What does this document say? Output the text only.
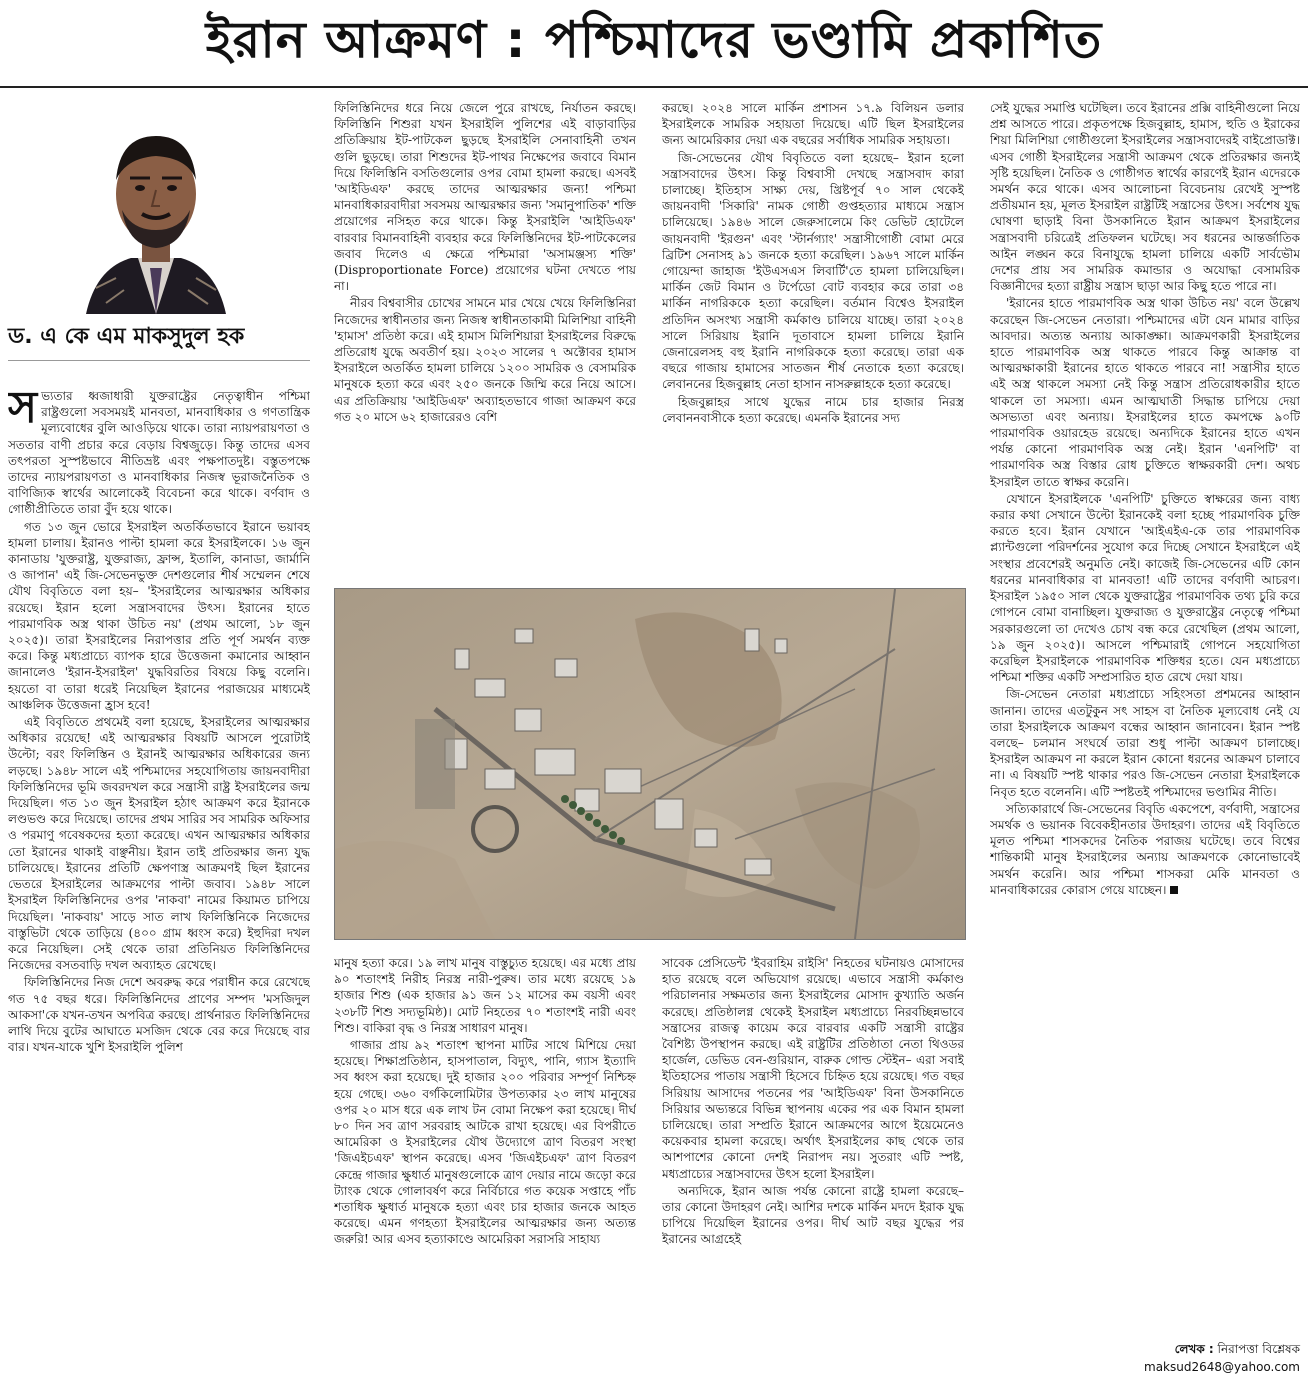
ইরান আক্রমণ : পশ্চিমাদের ভণ্ডামি প্রকাশিত
ড. এ কে এম মাকসুদুল হক

সভ্যতার ধ্বজাধারী যুক্তরাষ্ট্রের নেতৃত্বাধীন পশ্চিমা রাষ্ট্রগুলো সবসময়ই মানবতা, মানবাধিকার ও গণতান্ত্রিক মূল্যবোধের বুলি আওড়িয়ে থাকে। তারা ন্যায়পরায়ণতা ও সততার বাণী প্রচার করে বেড়ায় বিশ্বজুড়ে। কিন্তু তাদের এসব তৎপরতা সুস্পষ্টভাবে নীতিভ্রষ্ট এবং পক্ষপাতদুষ্ট। বস্তুতপক্ষে তাদের ন্যায়পরায়ণতা ও মানবাধিকার নিজস্ব ভূরাজনৈতিক ও বাণিজ্যিক স্বার্থের আলোকেই বিবেচনা করে থাকে। বর্ণবাদ ও গোষ্ঠীপ্রীতিতে তারা বুঁদ হয়ে থাকে।

গত ১৩ জুন ভোরে ইসরাইল অতর্কিতভাবে ইরানে ভয়াবহ হামলা চালায়। ইরানও পাল্টা হামলা করে ইসরাইলকে। ১৬ জুন কানাডায় 'যুক্তরাষ্ট্র, যুক্তরাজ্য, ফ্রান্স, ইতালি, কানাডা, জার্মানি ও জাপান' এই জি-সেভেনভুক্ত দেশগুলোর শীর্ষ সম্মেলন শেষে যৌথ বিবৃতিতে বলা হয়– 'ইসরাইলের আত্মরক্ষার অধিকার রয়েছে। ইরান হলো সন্ত্রাসবাদের উৎস। ইরানের হাতে পারমাণবিক অস্ত্র থাকা উচিত নয়' (প্রথম আলো, ১৮ জুন ২০২৫)। তারা ইসরাইলের নিরাপত্তার প্রতি পূর্ণ সমর্থন ব্যক্ত করে। কিন্তু মধ্যপ্রাচ্যে ব্যাপক হারে উত্তেজনা কমানোর আহ্বান জানালেও 'ইরান-ইসরাইল' যুদ্ধবিরতির বিষয়ে কিছু বলেনি। হয়তো বা তারা ধরেই নিয়েছিল ইরানের পরাজয়ের মাধ্যমেই আঞ্চলিক উত্তেজনা হ্রাস হবে!

এই বিবৃতিতে প্রথমেই বলা হয়েছে, ইসরাইলের আত্মরক্ষার অধিকার রয়েছে! এই আত্মরক্ষার বিষয়টি আসলে পুরোটাই উল্টো; বরং ফিলিস্তিন ও ইরানই আত্মরক্ষার অধিকারের জন্য লড়ছে। ১৯৪৮ সালে এই পশ্চিমাদের সহযোগিতায় জায়নবাদীরা ফিলিস্তিনিদের ভূমি জবরদখল করে সন্ত্রাসী রাষ্ট্র ইসরাইলের জন্ম দিয়েছিল। গত ১৩ জুন ইসরাইল হঠাৎ আক্রমণ করে ইরানকে লণ্ডভণ্ড করে দিয়েছে। তাদের প্রথম সারির সব সামরিক অফিসার ও পরমাণু গবেষকদের হত্যা করেছে। এখন আত্মরক্ষার অধিকার তো ইরানের থাকাই বাঞ্ছনীয়। ইরান তাই প্রতিরক্ষার জন্য যুদ্ধ চালিয়েছে। ইরানের প্রতিটি ক্ষেপণাস্ত্র আক্রমণই ছিল ইরানের ভেতরে ইসরাইলের আক্রমণের পাল্টা জবাব। ১৯৪৮ সালে ইসরাইল ফিলিস্তিনিদের ওপর 'নাকবা' নামের কিয়ামত চাপিয়ে দিয়েছিল। 'নাকবায়' সাড়ে সাত লাখ ফিলিস্তিনিকে নিজেদের বাস্তুভিটা থেকে তাড়িয়ে (৪০০ গ্রাম ধ্বংস করে) ইহুদিরা দখল করে নিয়েছিল। সেই থেকে তারা প্রতিনিয়ত ফিলিস্তিনিদের নিজেদের বসতবাড়ি দখল অব্যাহত রেখেছে।

ফিলিস্তিনিদের নিজ দেশে অবরুদ্ধ করে পরাধীন করে রেখেছে গত ৭৫ বছর ধরে। ফিলিস্তিনিদের প্রাণের সম্পদ 'মসজিদুল আকসা'কে যখন-তখন অপবিত্র করছে। প্রার্থনারত ফিলিস্তিনিদের লাথি দিয়ে বুটের আঘাতে মসজিদ থেকে বের করে দিয়েছে বার বার। যখন-যাকে খুশি ইসরাইলি পুলিশ

ফিলিস্তিনিদের ধরে নিয়ে জেলে পুরে রাখছে, নির্যাতন করছে। ফিলিস্তিনি শিশুরা যখন ইসরাইলি পুলিশের এই বাড়াবাড়ির প্রতিক্রিয়ায় ইট-পাটকেল ছুড়ছে ইসরাইলি সেনাবাহিনী তখন গুলি ছুড়ছে। তারা শিশুদের ইট-পাথর নিক্ষেপের জবাবে বিমান দিয়ে ফিলিস্তিনি বসতিগুলোর ওপর বোমা হামলা করছে। এসবই 'আইডিএফ' করছে তাদের আত্মরক্ষার জন্য! পশ্চিমা মানবাধিকারবাদীরা সবসময় আত্মরক্ষার জন্য 'সমানুপাতিক' শক্তি প্রয়োগের নসিহত করে থাকে। কিন্তু ইসরাইলি 'আইডিএফ' বারবার বিমানবাহিনী ব্যবহার করে ফিলিস্তিনিদের ইট-পাটকেলের জবাব দিলেও এ ক্ষেত্রে পশ্চিমারা 'অসামঞ্জস্য শক্তি' (Disproportionate Force) প্রয়োগের ঘটনা দেখতে পায় না।

নীরব বিশ্ববাসীর চোখের সামনে মার খেয়ে খেয়ে ফিলিস্তিনিরা নিজেদের স্বাধীনতার জন্য নিজস্ব স্বাধীনতাকামী মিলিশিয়া বাহিনী 'হামাস' প্রতিষ্ঠা করে। এই হামাস মিলিশিয়ারা ইসরাইলের বিরুদ্ধে প্রতিরোধ যুদ্ধে অবতীর্ণ হয়। ২০২৩ সালের ৭ অক্টোবর হামাস ইসরাইলে অতর্কিত হামলা চালিয়ে ১২০০ সামরিক ও বেসামরিক মানুষকে হত্যা করে এবং ২৫০ জনকে জিম্মি করে নিয়ে আসে। এর প্রতিক্রিয়ায় 'আইডিএফ' অব্যাহতভাবে গাজা আক্রমণ করে গত ২০ মাসে ৬২ হাজারেরও বেশি

করছে। ২০২৪ সালে মার্কিন প্রশাসন ১৭.৯ বিলিয়ন ডলার ইসরাইলকে সামরিক সহায়তা দিয়েছে। এটি ছিল ইসরাইলের জন্য আমেরিকার দেয়া এক বছরের সর্বাধিক সামরিক সহায়তা।

জি-সেভেনের যৌথ বিবৃতিতে বলা হয়েছে– ইরান হলো সন্ত্রাসবাদের উৎস। কিন্তু বিশ্ববাসী দেখছে সন্ত্রাসবাদ কারা চালাচ্ছে। ইতিহাস সাক্ষ্য দেয়, খ্রিষ্টপূর্ব ৭০ সাল থেকেই জায়নবাদী 'সিকারি' নামক গোষ্ঠী গুপ্তহত্যার মাধ্যমে সন্ত্রাস চালিয়েছে। ১৯৪৬ সালে জেরুসালেমে কিং ডেভিট হোটেলে জায়নবাদী 'ইরগুন' এবং 'স্টার্নগ্যাং' সন্ত্রাসীগোষ্ঠী বোমা মেরে ব্রিটিশ সেনাসহ ৯১ জনকে হত্যা করেছিল। ১৯৬৭ সালে মার্কিন গোয়েন্দা জাহাজ 'ইউএসএস লিবার্টি'তে হামলা চালিয়েছিল। মার্কিন জেট বিমান ও টর্পেডো বোট ব্যবহার করে তারা ৩৪ মার্কিন নাগরিককে হত্যা করেছিল। বর্তমান বিশ্বেও ইসরাইল প্রতিদিন অসংখ্য সন্ত্রাসী কর্মকাণ্ড চালিয়ে যাচ্ছে। তারা ২০২৪ সালে সিরিয়ায় ইরানি দূতাবাসে হামলা চালিয়ে ইরানি জেনারেলসহ বহু ইরানি নাগরিককে হত্যা করেছে। তারা এক বছরে গাজায় হামাসের সাতজন শীর্ষ নেতাকে হত্যা করেছে। লেবাননের হিজবুল্লাহ নেতা হাসান নাসরুল্লাহকে হত্যা করেছে।

হিজবুল্লাহর সাথে যুদ্ধের নামে চার হাজার নিরস্ত্র লেবাননবাসীকে হত্যা করেছে। এমনকি ইরানের সদ্য

মানুষ হত্যা করে। ১৯ লাখ মানুষ বাস্তুচ্যুত হয়েছে। এর মধ্যে প্রায় ৯০ শতাংশই নিরীহ নিরস্ত্র নারী-পুরুষ। তার মধ্যে রয়েছে ১৯ হাজার শিশু (এক হাজার ৯১ জন ১২ মাসের কম বয়সী এবং ২৩৮টি শিশু সদ্যভূমিষ্ঠ)। মোট নিহতের ৭০ শতাংশই নারী এবং শিশু। বাকিরা বৃদ্ধ ও নিরস্ত্র সাধারণ মানুষ।

গাজার প্রায় ৯২ শতাংশ স্থাপনা মাটির সাথে মিশিয়ে দেয়া হয়েছে। শিক্ষাপ্রতিষ্ঠান, হাসপাতাল, বিদ্যুৎ, পানি, গ্যাস ইত্যাদি সব ধ্বংস করা হয়েছে। দুই হাজার ২০০ পরিবার সম্পূর্ণ নিশ্চিহ্ন হয়ে গেছে। ৩৬০ বর্গকিলোমিটার উপত্যকার ২৩ লাখ মানুষের ওপর ২০ মাস ধরে এক লাখ টন বোমা নিক্ষেপ করা হয়েছে। দীর্ঘ ৮০ দিন সব ত্রাণ সরবরাহ আটকে রাখা হয়েছে। এর বিপরীতে আমেরিকা ও ইসরাইলের যৌথ উদ্যোগে ত্রাণ বিতরণ সংস্থা 'জিএইচএফ' স্থাপন করেছে। এসব 'জিএইচএফ' ত্রাণ বিতরণ কেন্দ্রে গাজার ক্ষুধার্ত মানুষগুলোকে ত্রাণ দেয়ার নামে জড়ো করে ট্যাংক থেকে গোলাবর্ষণ করে নির্বিচারে গত কয়েক সপ্তাহে পাঁচ শতাধিক ক্ষুধার্ত মানুষকে হত্যা এবং চার হাজার জনকে আহত করেছে। এমন গণহত্যা ইসরাইলের আত্মরক্ষার জন্য অত্যন্ত জরুরি! আর এসব হত্যাকাণ্ডে আমেরিকা সরাসরি সাহায্য

সাবেক প্রেসিডেন্ট 'ইবরাহিম রাইসি' নিহতের ঘটনায়ও মোসাদের হাত রয়েছে বলে অভিযোগ রয়েছে। এভাবে সন্ত্রাসী কর্মকাণ্ড পরিচালনার সক্ষমতার জন্য ইসরাইলের মোসাদ কুখ্যাতি অর্জন করেছে। প্রতিষ্ঠালগ্ন থেকেই ইসরাইল মধ্যপ্রাচ্যে নিরবচ্ছিন্নভাবে সন্ত্রাসের রাজত্ব কায়েম করে বারবার একটি সন্ত্রাসী রাষ্ট্রের বৈশিষ্ট্য উপস্থাপন করছে। এই রাষ্ট্রটির প্রতিষ্ঠাতা নেতা থিওডর হার্জেল, ডেভিড বেন-গুরিয়ান, বারুক গোল্ড স্টেইন– এরা সবাই ইতিহাসের পাতায় সন্ত্রাসী হিসেবে চিহ্নিত হয়ে রয়েছে। গত বছর সিরিয়ায় আসাদের পতনের পর 'আইডিএফ' বিনা উসকানিতে সিরিয়ার অভ্যন্তরে বিভিন্ন স্থাপনায় একের পর এক বিমান হামলা চালিয়েছে। তারা সম্প্রতি ইরানে আক্রমণের আগে ইয়েমেনেও কয়েকবার হামলা করেছে। অর্থাৎ ইসরাইলের কাছ থেকে তার আশপাশের কোনো দেশই নিরাপদ নয়। সুতরাং এটি স্পষ্ট, মধ্যপ্রাচ্যের সন্ত্রাসবাদের উৎস হলো ইসরাইল।

অন্যদিকে, ইরান আজ পর্যন্ত কোনো রাষ্ট্রে হামলা করেছে– তার কোনো উদাহরণ নেই। আশির দশকে মার্কিন মদদে ইরাক যুদ্ধ চাপিয়ে দিয়েছিল ইরানের ওপর। দীর্ঘ আট বছর যুদ্ধের পর ইরানের আগ্রহেই

সেই যুদ্ধের সমাপ্তি ঘটেছিল। তবে ইরানের প্রক্সি বাহিনীগুলো নিয়ে প্রশ্ন আসতে পারে। প্রকৃতপক্ষে হিজবুল্লাহ, হামাস, হুতি ও ইরাকের শিয়া মিলিশিয়া গোষ্ঠীগুলো ইসরাইলের সন্ত্রাসবাদেরই বাইপ্রোডাক্ট। এসব গোষ্ঠী ইসরাইলের সন্ত্রাসী আক্রমণ থেকে প্রতিরক্ষার জন্যই সৃষ্টি হয়েছিল। নৈতিক ও গোষ্ঠীগত স্বার্থের কারণেই ইরান এদেরকে সমর্থন করে থাকে। এসব আলোচনা বিবেচনায় রেখেই সুস্পষ্ট প্রতীয়মান হয়, মূলত ইসরাইল রাষ্ট্রটিই সন্ত্রাসের উৎস। সর্বশেষ যুদ্ধ ঘোষণা ছাড়াই বিনা উসকানিতে ইরান আক্রমণ ইসরাইলের সন্ত্রাসবাদী চরিত্রেই প্রতিফলন ঘটেছে। সব ধরনের আন্তর্জাতিক আইন লঙ্ঘন করে বিনাযুদ্ধে হামলা চালিয়ে একটি সার্বভৌম দেশের প্রায় সব সামরিক কমান্ডার ও অযোদ্ধা বেসামরিক বিজ্ঞানীদের হত্যা রাষ্ট্রীয় সন্ত্রাস ছাড়া আর কিছু হতে পারে না।

'ইরানের হাতে পারমাণবিক অস্ত্র থাকা উচিত নয়' বলে উল্লেখ করেছেন জি-সেভেন নেতারা। পশ্চিমাদের এটা যেন মামার বাড়ির আবদার। অত্যন্ত অন্যায় আকাঙ্ক্ষা। আক্রমণকারী ইসরাইলের হাতে পারমাণবিক অস্ত্র থাকতে পারবে কিন্তু আক্রান্ত বা আত্মরক্ষাকারী ইরানের হাতে থাকতে পারবে না! সন্ত্রাসীর হাতে এই অস্ত্র থাকলে সমস্যা নেই কিন্তু সন্ত্রাস প্রতিরোধকারীর হাতে থাকলে তা সমস্যা। এমন আত্মঘাতী সিদ্ধান্ত চাপিয়ে দেয়া অসভ্যতা এবং অন্যায়। ইসরাইলের হাতে কমপক্ষে ৯০টি পারমাণবিক ওয়ারহেড রয়েছে। অন্যদিকে ইরানের হাতে এখন পর্যন্ত কোনো পারমাণবিক অস্ত্র নেই। ইরান 'এনপিটি' বা পারমাণবিক অস্ত্র বিস্তার রোধ চুক্তিতে স্বাক্ষরকারী দেশ। অথচ ইসরাইল তাতে স্বাক্ষর করেনি।

যেখানে ইসরাইলকে 'এনপিটি' চুক্তিতে স্বাক্ষরের জন্য বাধ্য করার কথা সেখানে উল্টো ইরানকেই বলা হচ্ছে পারমাণবিক চুক্তি করতে হবে। ইরান যেখানে 'আইএইএ-কে তার পারমাণবিক প্ল্যান্টগুলো পরিদর্শনের সুযোগ করে দিচ্ছে সেখানে ইসরাইলে এই সংস্থার প্রবেশেরই অনুমতি নেই। কাজেই জি-সেভেনের এটি কোন ধরনের মানবাধিকার বা মানবতা! এটি তাদের বর্ণবাদী আচরণ। ইসরাইল ১৯৫০ সাল থেকে যুক্তরাষ্ট্রের পারমাণবিক তথ্য চুরি করে গোপনে বোমা বানাচ্ছিল। যুক্তরাজ্য ও যুক্তরাষ্ট্রের নেতৃত্বে পশ্চিমা সরকারগুলো তা দেখেও চোখ বন্ধ করে রেখেছিল (প্রথম আলো, ১৯ জুন ২০২৫)। আসলে পশ্চিমারাই গোপনে সহযোগিতা করেছিল ইসরাইলকে পারমাণবিক শক্তিধর হতে। যেন মধ্যপ্রাচ্যে পশ্চিমা শক্তির একটি সম্প্রসারিত হাত রেখে দেয়া যায়।

জি-সেভেন নেতারা মধ্যপ্রাচ্যে সহিংসতা প্রশমনের আহ্বান জানান। তাদের এতটুকুন সৎ সাহস বা নৈতিক মূল্যবোধ নেই যে তারা ইসরাইলকে আক্রমণ বন্ধের আহ্বান জানাবেন। ইরান স্পষ্ট বলছে– চলমান সংঘর্ষে তারা শুধু পাল্টা আক্রমণ চালাচ্ছে। ইসরাইল আক্রমণ না করলে ইরান কোনো ধরনের আক্রমণ চালাবে না। এ বিষয়টি স্পষ্ট থাকার পরও জি-সেভেন নেতারা ইসরাইলকে নিবৃত হতে বলেননি। এটি স্পষ্টতই পশ্চিমাদের ভণ্ডামির নীতি।

সত্যিকারার্থে জি-সেভেনের বিবৃতি একপেশে, বর্ণবাদী, সন্ত্রাসের সমর্থক ও ভয়ানক বিবেকহীনতার উদাহরণ। তাদের এই বিবৃতিতে মূলত পশ্চিমা শাসকদের নৈতিক পরাজয় ঘটেছে। তবে বিশ্বের শান্তিকামী মানুষ ইসরাইলের অন্যায় আক্রমণকে কোনোভাবেই সমর্থন করেনি। আর পশ্চিমা শাসকরা মেকি মানবতা ও মানবাধিকারের কোরাস গেয়ে যাচ্ছেন।

লেখক : নিরাপত্তা বিশ্লেষক
maksud2648@yahoo.com
